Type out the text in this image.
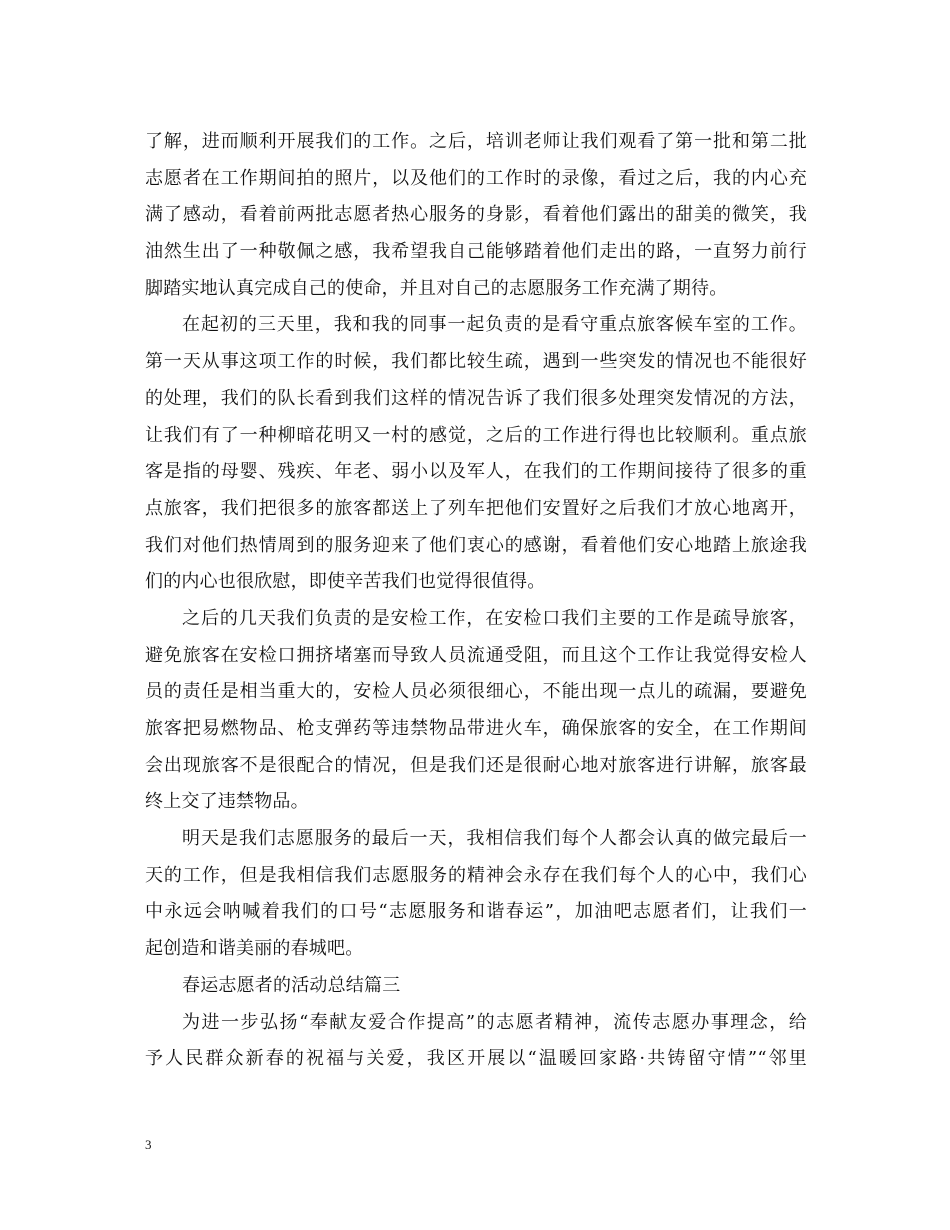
了解，进而顺利开展我们的工作。之后，培训老师让我们观看了第一批和第二批
志愿者在工作期间拍的照片，以及他们的工作时的录像，看过之后，我的内心充
满了感动，看着前两批志愿者热心服务的身影，看着他们露出的甜美的微笑，我
油然生出了一种敬佩之感，我希望我自己能够踏着他们走出的路，一直努力前行
脚踏实地认真完成自己的使命，并且对自己的志愿服务工作充满了期待。
在起初的三天里，我和我的同事一起负责的是看守重点旅客候车室的工作。
第一天从事这项工作的时候，我们都比较生疏，遇到一些突发的情况也不能很好
的处理，我们的队长看到我们这样的情况告诉了我们很多处理突发情况的方法，
让我们有了一种柳暗花明又一村的感觉，之后的工作进行得也比较顺利。重点旅
客是指的母婴、残疾、年老、弱小以及军人，在我们的工作期间接待了很多的重
点旅客，我们把很多的旅客都送上了列车把他们安置好之后我们才放心地离开，
我们对他们热情周到的服务迎来了他们衷心的感谢，看着他们安心地踏上旅途我
们的内心也很欣慰，即使辛苦我们也觉得很值得。
之后的几天我们负责的是安检工作，在安检口我们主要的工作是疏导旅客，
避免旅客在安检口拥挤堵塞而导致人员流通受阻，而且这个工作让我觉得安检人
员的责任是相当重大的，安检人员必须很细心，不能出现一点儿的疏漏，要避免
旅客把易燃物品、枪支弹药等违禁物品带进火车，确保旅客的安全，在工作期间
会出现旅客不是很配合的情况，但是我们还是很耐心地对旅客进行讲解，旅客最
终上交了违禁物品。
明天是我们志愿服务的最后一天，我相信我们每个人都会认真的做完最后一
天的工作，但是我相信我们志愿服务的精神会永存在我们每个人的心中，我们心
中永远会呐喊着我们的口号“志愿服务和谐春运”，加油吧志愿者们，让我们一
起创造和谐美丽的春城吧。
春运志愿者的活动总结篇三
为进一步弘扬“奉献友爱合作提高”的志愿者精神，流传志愿办事理念，给
予人民群众新春的祝福与关爱，我区开展以“温暖回家路·共铸留守情”“邻里
3
